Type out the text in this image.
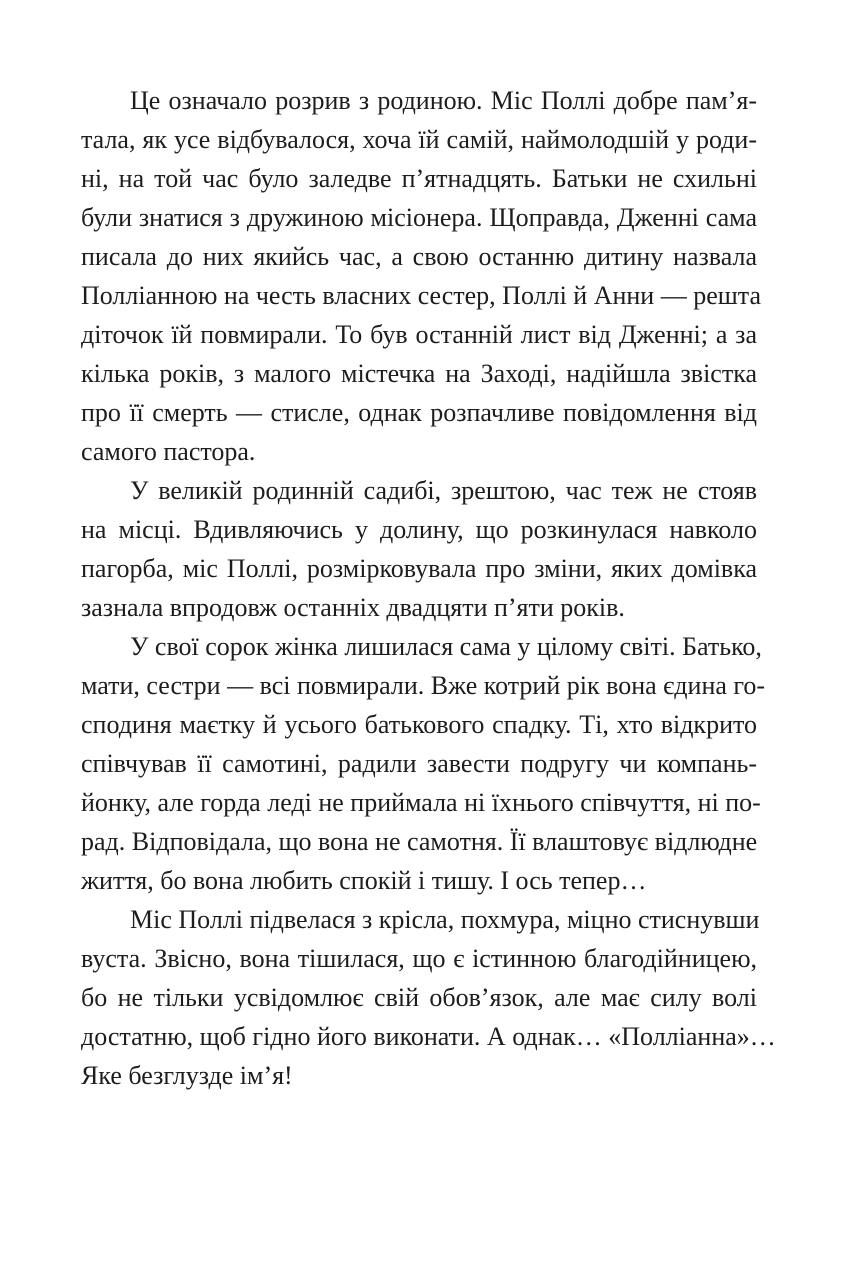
Це означало розрив з родиною. Міс Поллі добре пам’я-
тала, як усе відбувалося, хоча їй самій, наймолодшій у роди-
ні, на той час було заледве п’ятнадцять. Батьки не схильні
були знатися з дружиною місіонера. Щоправда, Дженні сама
писала до них якийсь час, а свою останню дитину назвала
Поллiанною на честь власних сестер, Поллі й Анни — решта
діточок їй повмирали. То був останній лист від Дженні; а за
кілька років, з малого містечка на Заході, надійшла звістка
про її смерть — стисле, однак розпачливе повідомлення від
самого пастора.
У великій родинній садибі, зрештою, час теж не стояв
на місці. Вдивляючись у долину, що розкинулася навколо
пагорба, міс Поллі, розмірковувала про зміни, яких домівка
зазнала впродовж останніх двадцяти п’яти років.
У свої сорок жінка лишилася сама у цілому світі. Батько,
мати, сестри — всі повмирали. Вже котрий рік вона єдина го-
сподиня маєтку й усього батькового спадку. Ті, хто відкрито
співчував її самотині, радили завести подругу чи компань-
йонку, але горда леді не приймала ні їхнього співчуття, ні по-
рад. Відповідала, що вона не самотня. Її влаштовує відлюдне
життя, бо вона любить спокій і тишу. І ось тепер…
Міс Поллі підвелася з крісла, похмура, міцно стиснувши
вуста. Звісно, вона тішилася, що є істинною благодійницею,
бо не тільки усвідомлює свій обов’язок, але має силу волі
достатню, щоб гідно його виконати. А однак… «Поллiанна»…
Яке безглузде ім’я!
